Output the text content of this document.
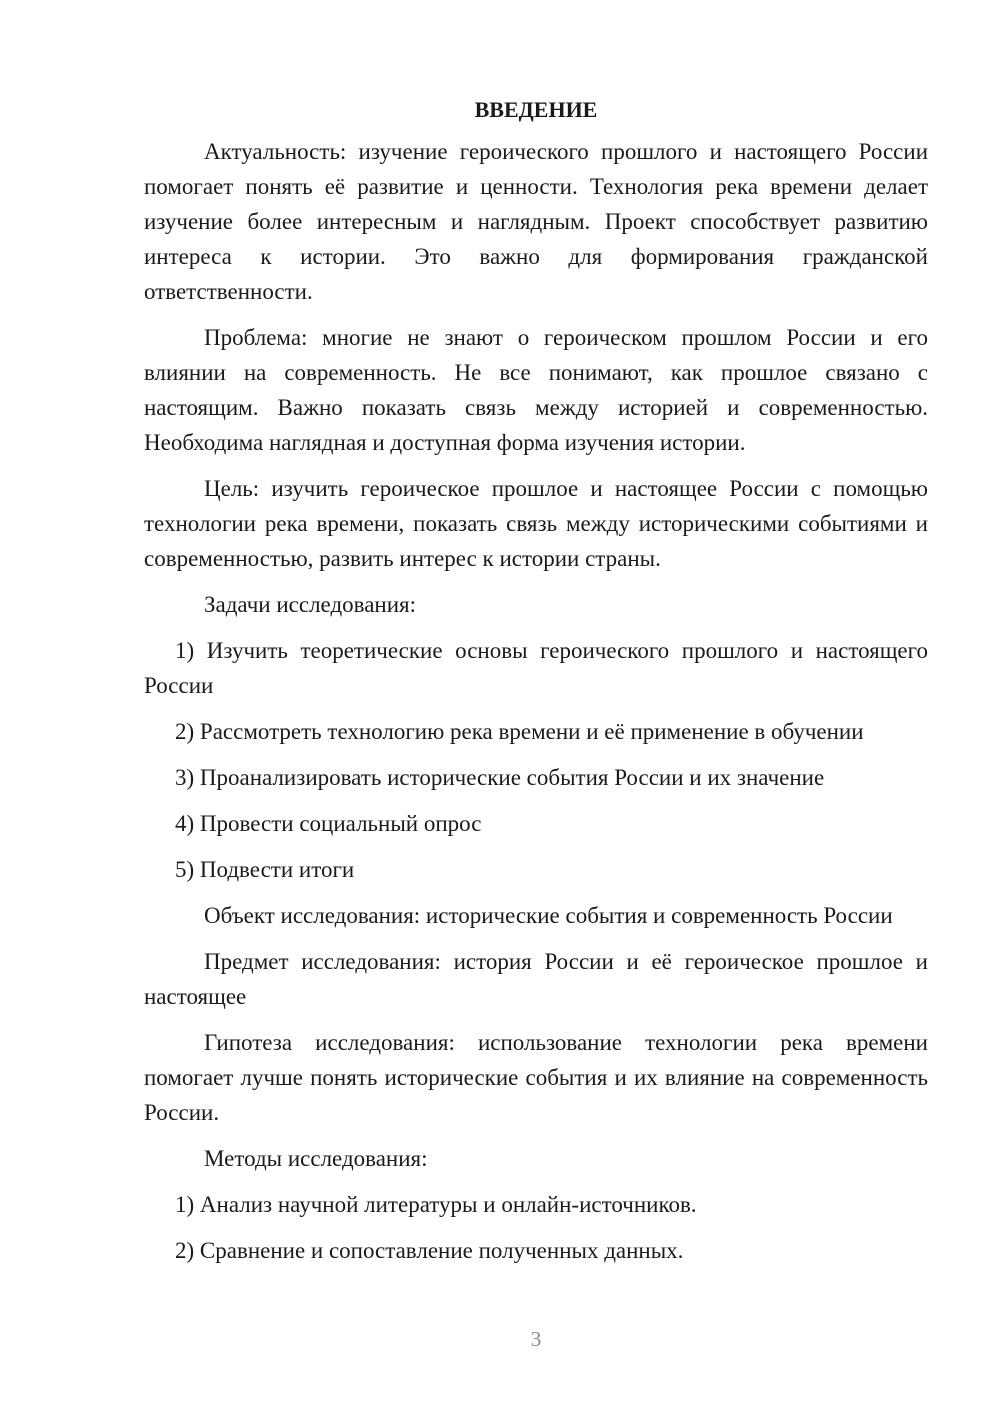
ВВЕДЕНИЕ

Актуальность: изучение героического прошлого и настоящего России помогает понять её развитие и ценности. Технология река времени делает изучение более интересным и наглядным. Проект способствует развитию интереса к истории. Это важно для формирования гражданской ответственности.

Проблема: многие не знают о героическом прошлом России и его влиянии на современность. Не все понимают, как прошлое связано с настоящим. Важно показать связь между историей и современностью. Необходима наглядная и доступная форма изучения истории.

Цель: изучить героическое прошлое и настоящее России с помощью технологии река времени, показать связь между историческими событиями и современностью, развить интерес к истории страны.

Задачи исследования:

1) Изучить теоретические основы героического прошлого и настоящего России

2) Рассмотреть технологию река времени и её применение в обучении

3) Проанализировать исторические события России и их значение

4) Провести социальный опрос

5) Подвести итоги

Объект исследования: исторические события и современность России

Предмет исследования: история России и её героическое прошлое и настоящее

Гипотеза исследования: использование технологии река времени помогает лучше понять исторические события и их влияние на современность России.

Методы исследования:

1) Анализ научной литературы и онлайн-источников.

2) Сравнение и сопоставление полученных данных.

3
